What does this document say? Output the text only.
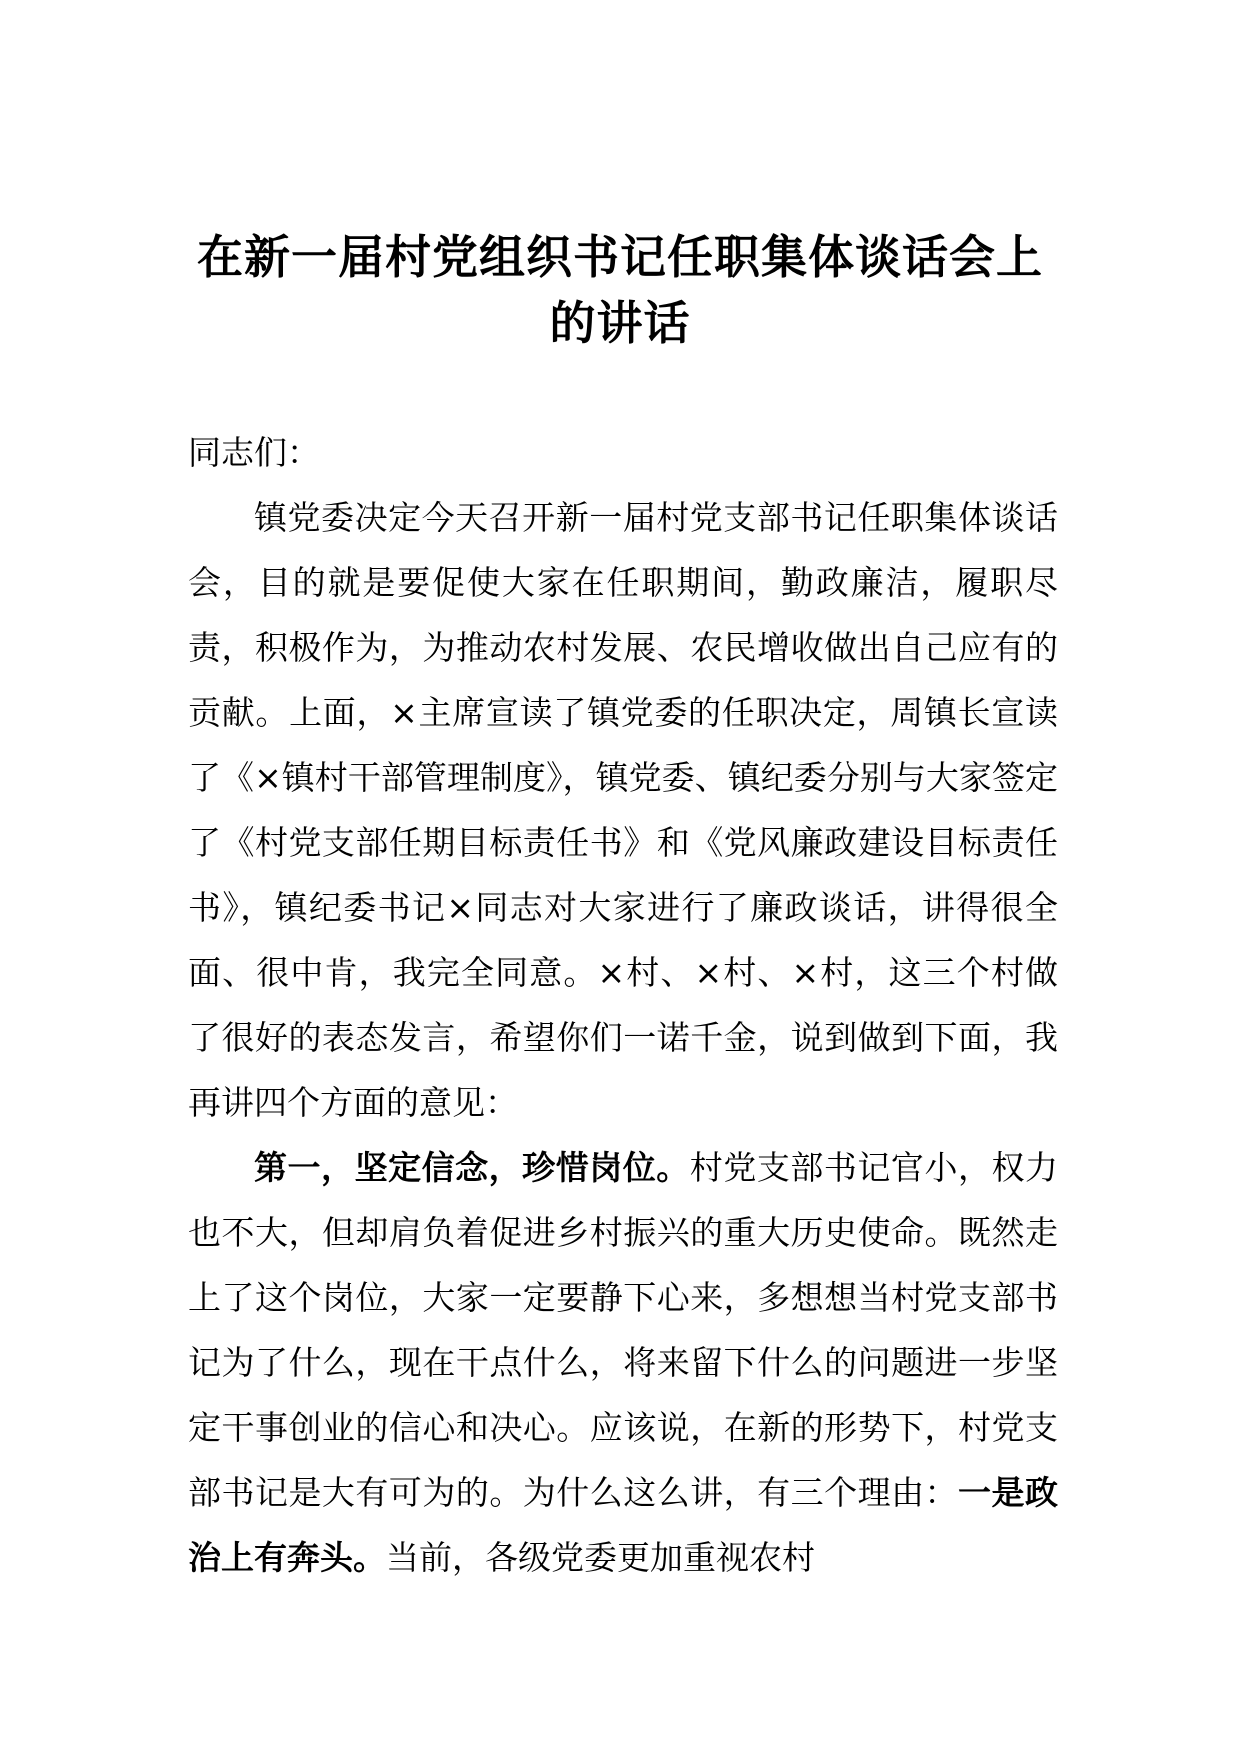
在新一届村党组织书记任职集体谈话会上的讲话

同志们：

镇党委决定今天召开新一届村党支部书记任职集体谈话会，目的就是要促使大家在任职期间，勤政廉洁，履职尽责，积极作为，为推动农村发展、农民增收做出自己应有的贡献。上面，×主席宣读了镇党委的任职决定，周镇长宣读了《×镇村干部管理制度》，镇党委、镇纪委分别与大家签定了《村党支部任期目标责任书》和《党风廉政建设目标责任书》，镇纪委书记×同志对大家进行了廉政谈话，讲得很全面、很中肯，我完全同意。×村、×村、×村，这三个村做了很好的表态发言，希望你们一诺千金，说到做到下面，我再讲四个方面的意见：

第一，坚定信念，珍惜岗位。村党支部书记官小，权力也不大，但却肩负着促进乡村振兴的重大历史使命。既然走上了这个岗位，大家一定要静下心来，多想想当村党支部书记为了什么，现在干点什么，将来留下什么的问题进一步坚定干事创业的信心和决心。应该说，在新的形势下，村党支部书记是大有可为的。为什么这么讲，有三个理由：一是政治上有奔头。当前，各级党委更加重视农村
